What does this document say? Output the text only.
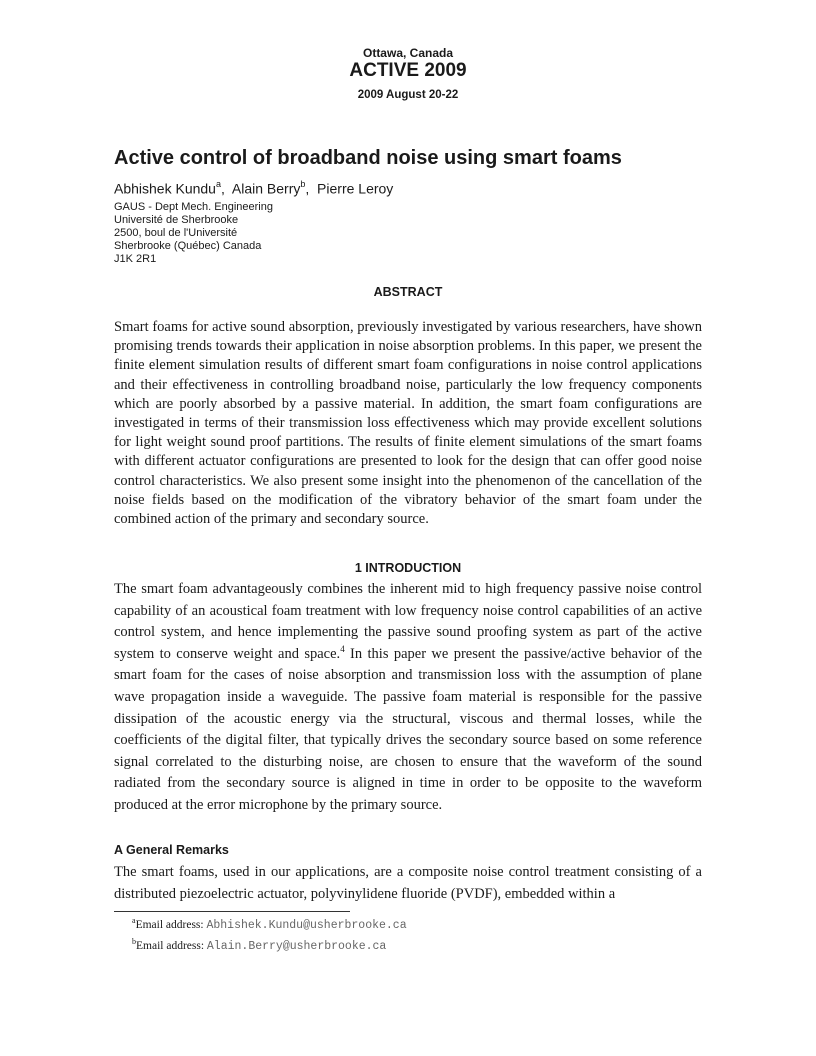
Ottawa, Canada
ACTIVE 2009
2009 August 20-22
Active control of broadband noise using smart foams
Abhishek Kundu$^a$,  Alain Berry$^b$,  Pierre Leroy
GAUS - Dept Mech. Engineering
Université de Sherbrooke
2500, boul de l'Université
Sherbrooke (Québec) Canada
J1K 2R1
ABSTRACT
Smart foams for active sound absorption, previously investigated by various researchers, have shown promising trends towards their application in noise absorption problems. In this paper, we present the finite element simulation results of different smart foam configurations in noise control applications and their effectiveness in controlling broadband noise, particularly the low frequency components which are poorly absorbed by a passive material. In addition, the smart foam configurations are investigated in terms of their transmission loss effectiveness which may provide excellent solutions for light weight sound proof partitions. The results of finite element simulations of the smart foams with different actuator configurations are presented to look for the design that can offer good noise control characteristics. We also present some insight into the phenomenon of the cancellation of the noise fields based on the modification of the vibratory behavior of the smart foam under the combined action of the primary and secondary source.
1 INTRODUCTION
The smart foam advantageously combines the inherent mid to high frequency passive noise control capability of an acoustical foam treatment with low frequency noise control capabilities of an active control system, and hence implementing the passive sound proofing system as part of the active system to conserve weight and space.$^4$ In this paper we present the passive/active behavior of the smart foam for the cases of noise absorption and transmission loss with the assumption of plane wave propagation inside a waveguide. The passive foam material is responsible for the passive dissipation of the acoustic energy via the structural, viscous and thermal losses, while the coefficients of the digital filter, that typically drives the secondary source based on some reference signal correlated to the disturbing noise, are chosen to ensure that the waveform of the sound radiated from the secondary source is aligned in time in order to be opposite to the waveform produced at the error microphone by the primary source.
A General Remarks
The smart foams, used in our applications, are a composite noise control treatment consisting of a distributed piezoelectric actuator, polyvinylidene fluoride (PVDF), embedded within a
$^a$Email address: Abhishek.Kundu@usherbrooke.ca
$^b$Email address: Alain.Berry@usherbrooke.ca
